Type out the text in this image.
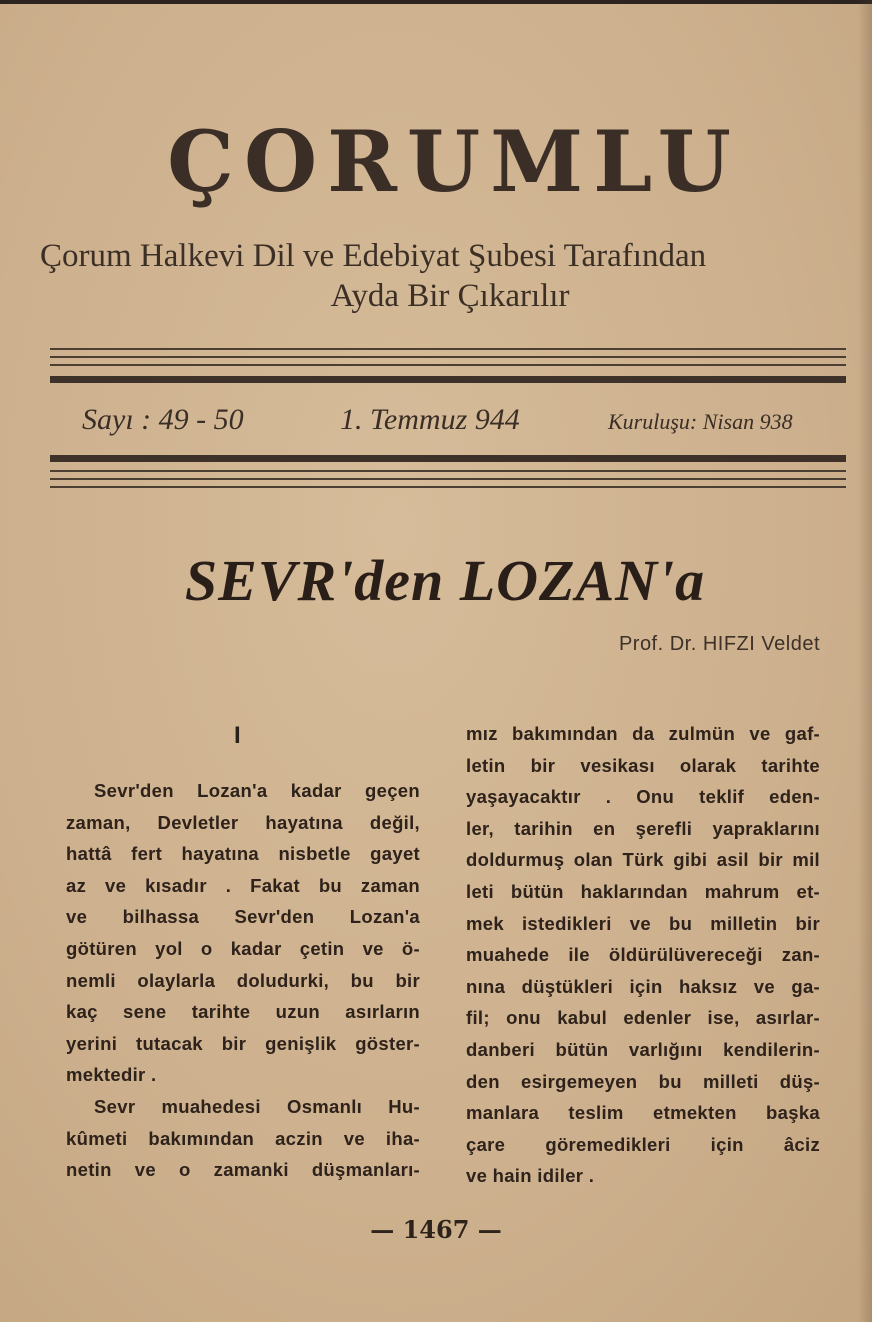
ÇORUMLU
Çorum Halkevi Dil ve Edebiyat Şubesi Tarafından
Ayda Bir Çıkarılır
Sayı : 49 - 50	1. Temmuz 944	Kuruluşu: Nisan 938
SEVR'den LOZAN'a
Prof. Dr. HIFZI Veldet
I
Sevr'den Lozan'a kadar geçen
zaman, Devletler hayatına değil,
hattâ fert hayatına nisbetle gayet
az ve kısadır . Fakat bu zaman
ve bilhassa Sevr'den Lozan'a
götüren yol o kadar çetin ve ö-
nemli olaylarla doludurki, bu bir
kaç sene tarihte uzun asırların
yerini tutacak bir genişlik göster-
mektedir .
Sevr muahedesi Osmanlı Hu-
kûmeti bakımından aczin ve iha-
netin ve o zamanki düşmanları-
mız bakımından da zulmün ve gaf-
letin bir vesikası olarak tarihte
yaşayacaktır . Onu teklif eden-
ler, tarihin en şerefli yapraklarını
doldurmuş olan Türk gibi asil bir mil
leti bütün haklarından mahrum et-
mek istedikleri ve bu milletin bir
muahede ile öldürülüvereceği zan-
nına düştükleri için haksız ve ga-
fil; onu kabul edenler ise, asırlar-
danberi bütün varlığını kendilerin-
den esirgemeyen bu milleti düş-
manlara teslim etmekten başka
çare göremedikleri için âciz
ve hain idiler .
— 1467 —
